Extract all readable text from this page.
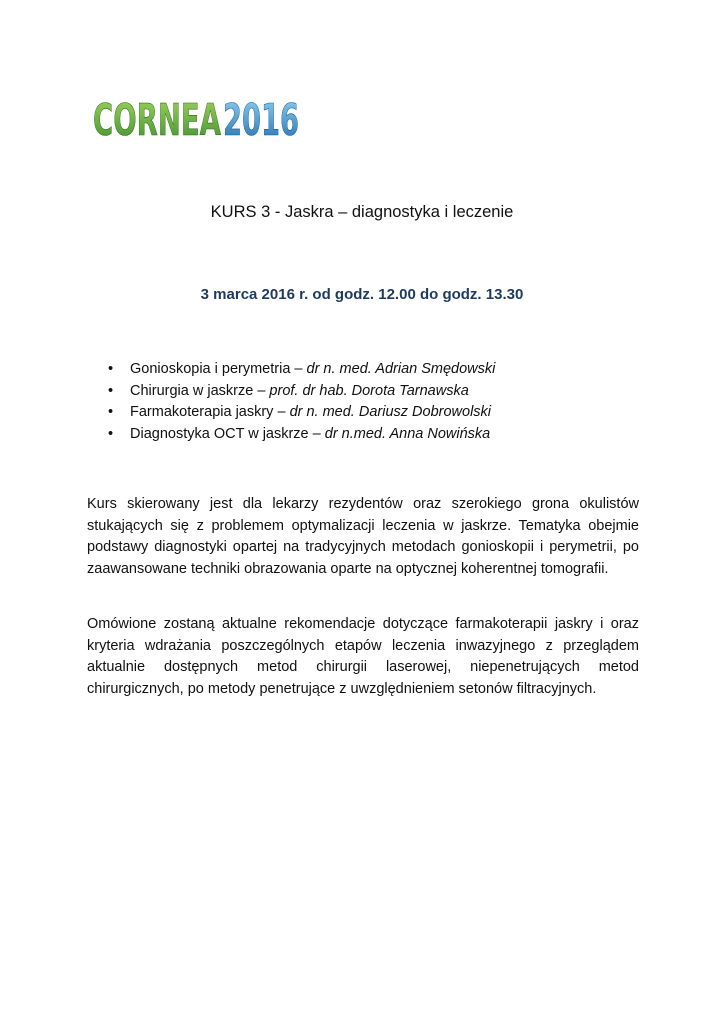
CORNEA 2016
KURS 3 - Jaskra – diagnostyka i leczenie
3 marca 2016 r. od godz. 12.00 do godz. 13.30
• Gonioskopia i perymetria – dr n. med. Adrian Smędowski
• Chirurgia w jaskrze – prof. dr hab. Dorota Tarnawska
• Farmakoterapia jaskry – dr n. med. Dariusz Dobrowolski
• Diagnostyka OCT w jaskrze – dr n.med. Anna Nowińska

Kurs skierowany jest dla lekarzy rezydentów oraz szerokiego grona okulistów stukających się z problemem optymalizacji leczenia w jaskrze. Tematyka obejmie podstawy diagnostyki opartej na tradycyjnych metodach gonioskopii i perymetrii, po zaawansowane techniki obrazowania oparte na optycznej koherentnej tomografii.

Omówione zostaną aktualne rekomendacje dotyczące farmakoterapii jaskry i oraz kryteria wdrażania poszczególnych etapów leczenia inwazyjnego z przeglądem aktualnie dostępnych metod chirurgii laserowej, niepenetrujących metod chirurgicznych, po metody penetrujące z uwzględnieniem setonów filtracyjnych.
